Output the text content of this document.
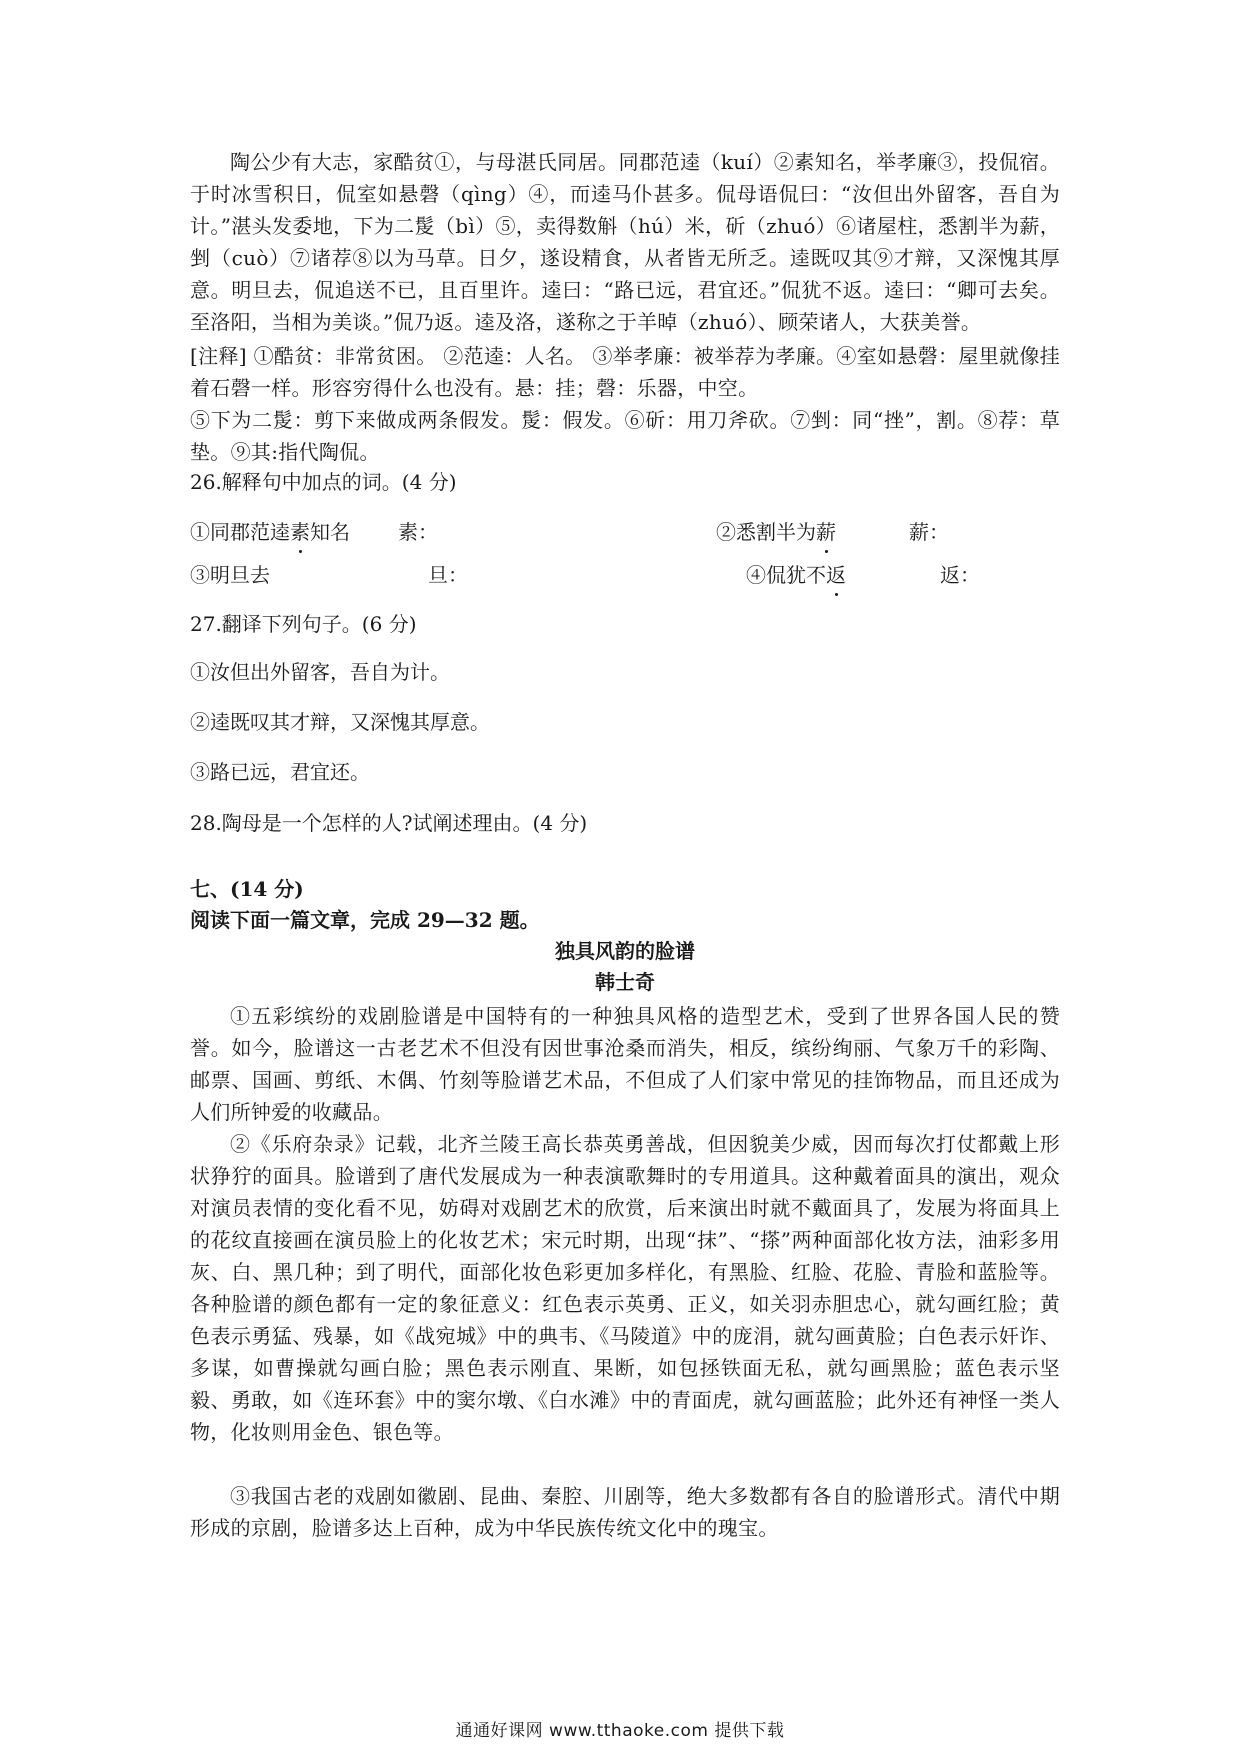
陶公少有大志，家酷贫①，与母湛氏同居。同郡范逵（kuí）②素知名，举孝廉③，投侃宿。于时冰雪积日，侃室如悬磬（qìng）④，而逵马仆甚多。侃母语侃曰：“汝但出外留客，吾自为计。”湛头发委地，下为二髲（bì）⑤，卖得数斛（hú）米，斫（zhuó）⑥诸屋柱，悉割半为薪，剉（cuò）⑦诸荐⑧以为马草。日夕，遂设精食，从者皆无所乏。逵既叹其⑨才辩，又深愧其厚意。明旦去，侃追送不已，且百里许。逵曰：“路已远，君宜还。”侃犹不返。逵曰：“卿可去矣。至洛阳，当相为美谈。”侃乃返。逵及洛，遂称之于羊晫（zhuó）、顾荣诸人，大获美誉。

[注释] ①酷贫：非常贫困。 ②范逵：人名。 ③举孝廉：被举荐为孝廉。④室如悬磬：屋里就像挂着石磬一样。形容穷得什么也没有。悬：挂；磬：乐器，中空。

⑤下为二髲：剪下来做成两条假发。髲：假发。⑥斫：用刀斧砍。⑦剉：同“挫”，割。⑧荐：草垫。⑨其:指代陶侃。

26.解释句中加点的词。(4 分)
①同郡范逵素知名 素：	②悉割半为薪	薪：
③明旦去	旦：	④侃犹不返	返：
27.翻译下列句子。(6 分)
①汝但出外留客，吾自为计。
②逵既叹其才辩，又深愧其厚意。
③路已远，君宜还。
28.陶母是一个怎样的人?试阐述理由。(4 分)
七、(14 分)
阅读下面一篇文章，完成 29—32 题。
独具风韵的脸谱
韩士奇

①五彩缤纷的戏剧脸谱是中国特有的一种独具风格的造型艺术，受到了世界各国人民的赞誉。如今，脸谱这一古老艺术不但没有因世事沧桑而消失，相反，缤纷绚丽、气象万千的彩陶、邮票、国画、剪纸、木偶、竹刻等脸谱艺术品，不但成了人们家中常见的挂饰物品，而且还成为人们所钟爱的收藏品。

②《乐府杂录》记载，北齐兰陵王高长恭英勇善战，但因貌美少威，因而每次打仗都戴上形状狰狞的面具。脸谱到了唐代发展成为一种表演歌舞时的专用道具。这种戴着面具的演出，观众对演员表情的变化看不见，妨碍对戏剧艺术的欣赏，后来演出时就不戴面具了，发展为将面具上的花纹直接画在演员脸上的化妆艺术；宋元时期，出现“抹”、“搽”两种面部化妆方法，油彩多用灰、白、黑几种；到了明代，面部化妆色彩更加多样化，有黑脸、红脸、花脸、青脸和蓝脸等。各种脸谱的颜色都有一定的象征意义：红色表示英勇、正义，如关羽赤胆忠心，就勾画红脸；黄色表示勇猛、残暴，如《战宛城》中的典韦、《马陵道》中的庞涓，就勾画黄脸；白色表示奸诈、多谋，如曹操就勾画白脸；黑色表示刚直、果断，如包拯铁面无私，就勾画黑脸；蓝色表示坚毅、勇敢，如《连环套》中的窦尔墩、《白水滩》中的青面虎，就勾画蓝脸；此外还有神怪一类人物，化妆则用金色、银色等。

③我国古老的戏剧如徽剧、昆曲、秦腔、川剧等，绝大多数都有各自的脸谱形式。清代中期形成的京剧，脸谱多达上百种，成为中华民族传统文化中的瑰宝。

通通好课网 www.tthaoke.com 提供下载
